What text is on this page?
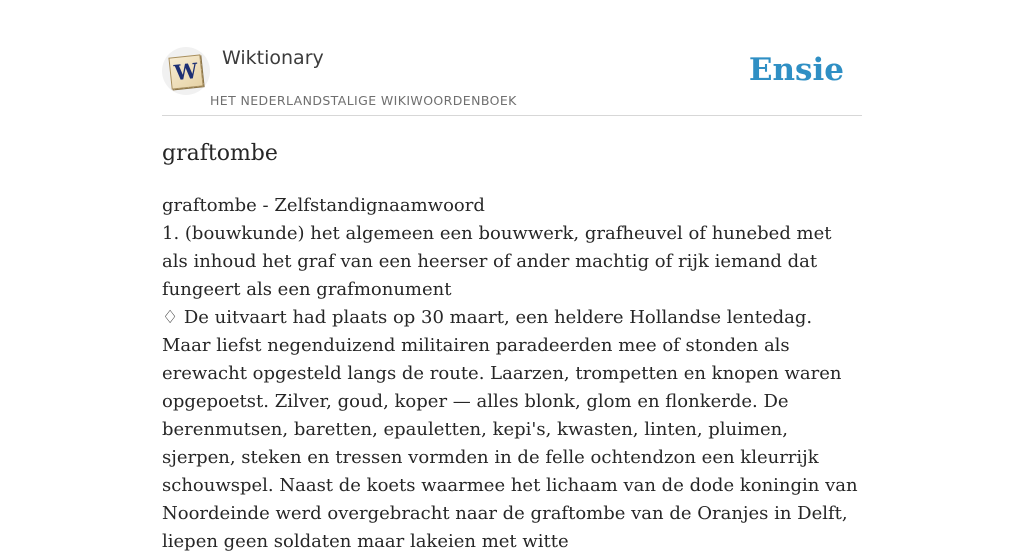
W Wiktionary
HET NEDERLANDSTALIGE WIKIWOORDENBOEK
Ensie
graftombe

graftombe - Zelfstandignaamwoord

1. (bouwkunde) het algemeen een bouwwerk, grafheuvel of hunebed met als inhoud het graf van een heerser of ander machtig of rijk iemand dat fungeert als een grafmonument

♢ De uitvaart had plaats op 30 maart, een heldere Hollandse lentedag. Maar liefst negenduizend militairen paradeerden mee of stonden als erewacht opgesteld langs de route. Laarzen, trompetten en knopen waren opgepoetst. Zilver, goud, koper — alles blonk, glom en flonkerde. De berenmutsen, baretten, epauletten, kepi's, kwasten, linten, pluimen, sjerpen, steken en tressen vormden in de felle ochtendzon een kleurrijk schouwspel. Naast de koets waarmee het lichaam van de dode koningin van Noordeinde werd overgebracht naar de graftombe van de Oranjes in Delft, liepen geen soldaten maar lakeien met witte
